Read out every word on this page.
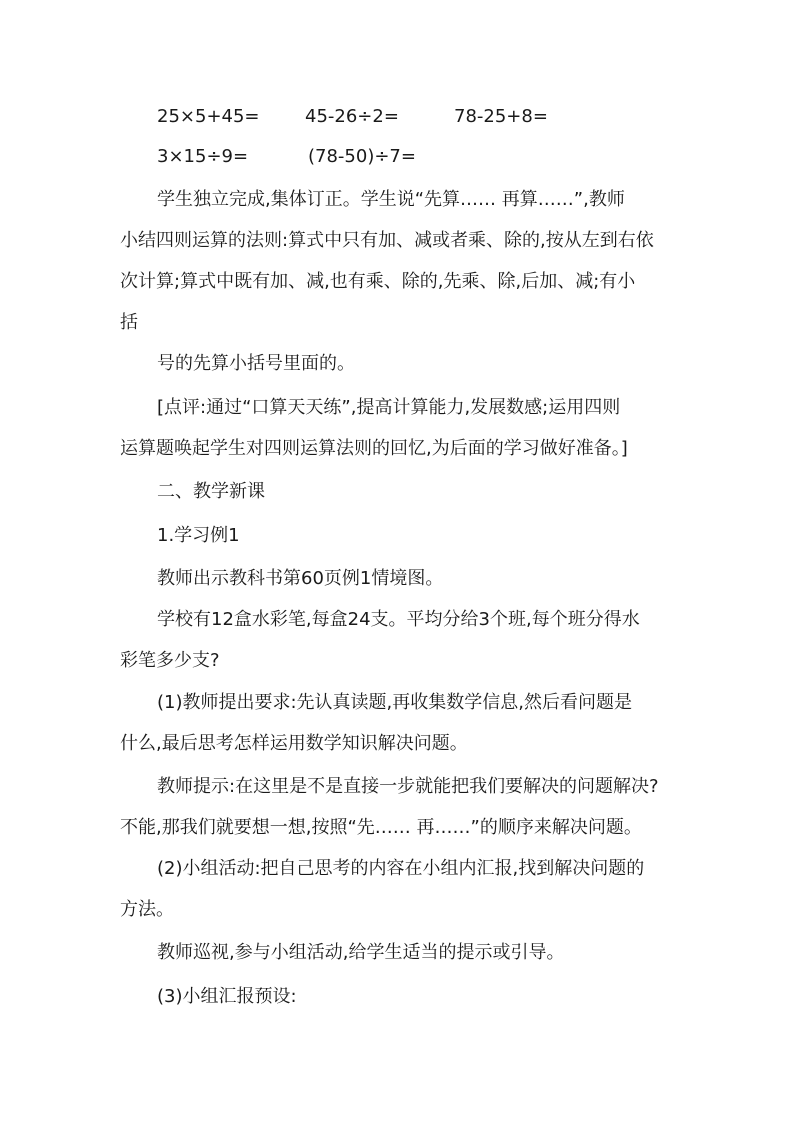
25×5+45=	45-26÷2=	78-25+8=
3×15÷9=	(78-50)÷7=
学生独立完成,集体订正。学生说“先算…… 再算……”,教师
小结四则运算的法则:算式中只有加、减或者乘、除的,按从左到右依
次计算;算式中既有加、减,也有乘、除的,先乘、除,后加、减;有小
括
号的先算小括号里面的。
[点评:通过“口算天天练”,提高计算能力,发展数感;运用四则
运算题唤起学生对四则运算法则的回忆,为后面的学习做好准备。]
二、教学新课
1.学习例1
教师出示教科书第60页例1情境图。
学校有12盒水彩笔,每盒24支。平均分给3个班,每个班分得水
彩笔多少支?
(1)教师提出要求:先认真读题,再收集数学信息,然后看问题是
什么,最后思考怎样运用数学知识解决问题。
教师提示:在这里是不是直接一步就能把我们要解决的问题解决?
不能,那我们就要想一想,按照“先…… 再……”的顺序来解决问题。
(2)小组活动:把自己思考的内容在小组内汇报,找到解决问题的
方法。
教师巡视,参与小组活动,给学生适当的提示或引导。
(3)小组汇报预设:
